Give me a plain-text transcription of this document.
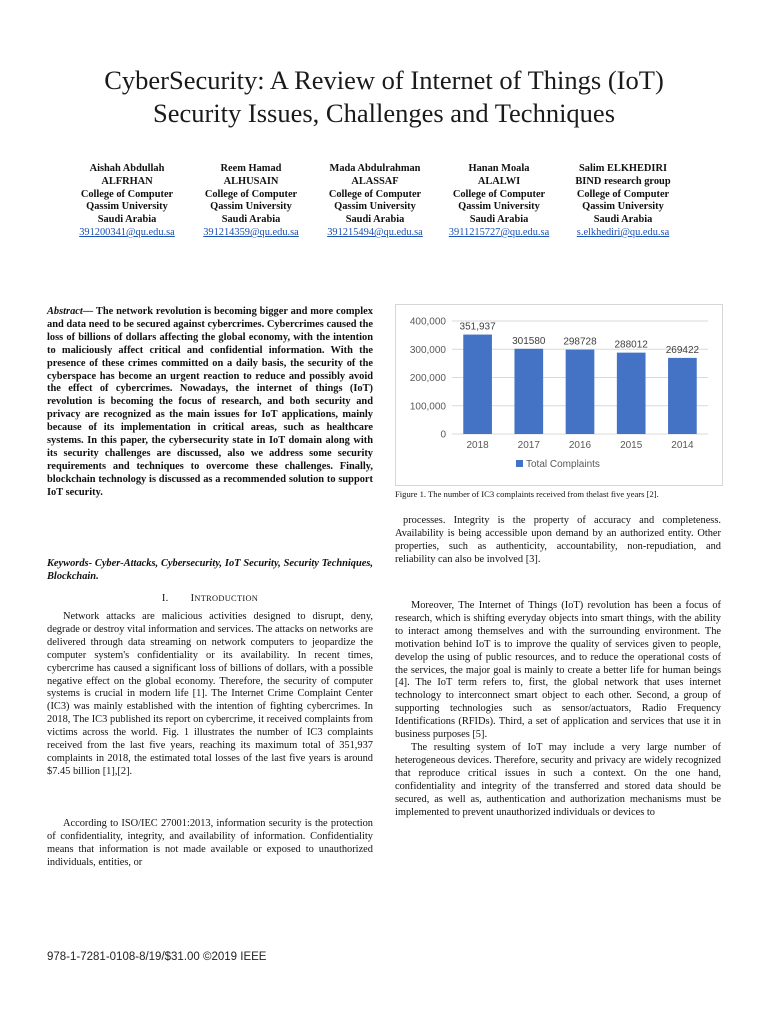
CyberSecurity: A Review of Internet of Things (IoT)
Security Issues, Challenges and Techniques
Aishah Abdullah
ALFRHAN
College of Computer
Qassim University
Saudi Arabia
391200341@qu.edu.sa
Reem Hamad
ALHUSAIN
College of Computer
Qassim University
Saudi Arabia
391214359@qu.edu.sa
Mada Abdulrahman
ALASSAF
College of Computer
Qassim University
Saudi Arabia
391215494@qu.edu.sa
Hanan Moala
ALALWI
College of Computer
Qassim University
Saudi Arabia
3911215727@qu.edu.sa
Salim ELKHEDIRI
BIND research group
College of Computer
Qassim University
Saudi Arabia
s.elkhediri@qu.edu.sa
Abstract— The network revolution is becoming bigger and more complex and data need to be secured against cybercrimes. Cybercrimes caused the loss of billions of dollars affecting the global economy, with the intention to maliciously affect critical and confidential information. With the presence of these crimes committed on a daily basis, the security of the cyberspace has become an urgent reaction to reduce and possibly avoid the effect of cybercrimes. Nowadays, the internet of things (IoT) revolution is becoming the focus of research, and both security and privacy are recognized as the main issues for IoT applications, mainly because of its implementation in critical areas, such as healthcare systems. In this paper, the cybersecurity state in IoT domain along with its security challenges are discussed, also we address some security requirements and techniques to overcome these challenges. Finally, blockchain technology is discussed as a recommended solution to support IoT security.
Keywords- Cyber-Attacks, Cybersecurity, IoT Security, Security Techniques, Blockchain.
I. INTRODUCTION

Network attacks are malicious activities designed to disrupt, deny, degrade or destroy vital information and services. The attacks on networks are delivered through data streaming on network computers to jeopardize the computer system's confidentiality or its availability. In recent times, cybercrime has caused a significant loss of billions of dollars, with a possible negative effect on the global economy. Therefore, the security of computer systems is crucial in modern life [1]. The Internet Crime Complaint Center (IC3) was mainly established with the intention of fighting cybercrimes. In 2018, The IC3 published its report on cybercrime, it received complaints from victims across the world. Fig. 1 illustrates the number of IC3 complaints received from the last five years, reaching its maximum total of 351,937 complaints in 2018, the estimated total losses of the last five years is around $7.45 billion [1],[2].

According to ISO/IEC 27001:2013, information security is the protection of confidentiality, integrity, and availability of information. Confidentiality means that information is not made available or exposed to unauthorized individuals, entities, or

0
100,000
200,000
300,000
400,000 351,937
2018
301580
2017
298728
2016
288012
2015
269422
2014
Total Complaints
Figure 1. The number of IC3 complaints received from thelast five years [2].

processes. Integrity is the property of accuracy and completeness. Availability is being accessible upon demand by an authorized entity. Other properties, such as authenticity, accountability, non-repudiation, and reliability can also be involved [3].

Moreover, The Internet of Things (IoT) revolution has been a focus of research, which is shifting everyday objects into smart things, with the ability to interact among themselves and with the surrounding environment. The motivation behind IoT is to improve the quality of services given to people, develop the using of public resources, and to reduce the operational costs of the services, the major goal is mainly to create a better life for human beings [4]. The IoT term refers to, first, the global network that uses internet technology to interconnect smart object to each other. Second, a group of supporting technologies such as sensor/actuators, Radio Frequency Identifications (RFIDs). Third, a set of application and services that use it in business purposes [5].

The resulting system of IoT may include a very large number of heterogeneous devices. Therefore, security and privacy are widely recognized that reproduce critical issues in such a context. On the one hand, confidentiality and integrity of the transferred and stored data should be secured, as well as, authentication and authorization mechanisms must be implemented to prevent unauthorized individuals or devices to

978-1-7281-0108-8/19/$31.00 ©2019 IEEE
